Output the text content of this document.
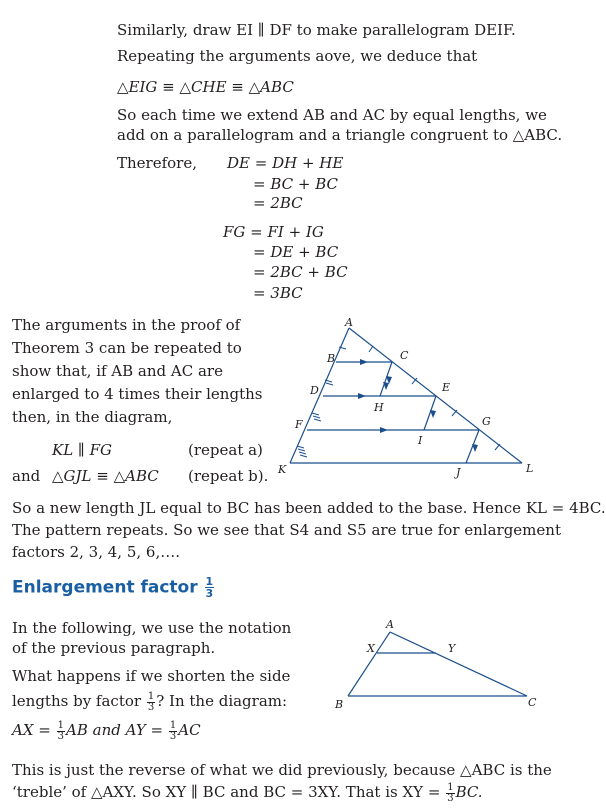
Similarly, draw EI ∥ DF to make parallelogram DEIF.
Repeating the arguments aove, we deduce that
△EIG ≡ △CHE ≡ △ABC
So each time we extend AB and AC by equal lengths, we
add on a parallelogram and a triangle congruent to △ABC.
Therefore, DE = DH + HE
= BC + BC
= 2BC
FG = FI + IG
= DE + BC
= 2BC + BC
= 3BC
The arguments in the proof of
Theorem 3 can be repeated to
show that, if AB and AC are
enlarged to 4 times their lengths
then, in the diagram,
KL ∥ FG	(repeat a)
and △GJL ≡ △ABC (repeat b).
A
B	C
D	E
F	G
H
I
J
K	L
So a new length JL equal to BC has been added to the base. Hence KL = 4BC.
The pattern repeats. So we see that S4 and S5 are true for enlargement
factors 2, 3, 4, 5, 6,….
Enlargement factor $\frac{1}{3}$
In the following, we use the notation
of the previous paragraph.
What happens if we shorten the side
lengths by factor $\frac{1}{3}$ ? In the diagram:
AX = $\frac{1}{3}$ AB and AY = $\frac{1}{3}$ AC
A
X	Y
B	C
This is just the reverse of what we did previously, because △ABC is the
‘treble’ of △AXY. So XY ∥ BC and BC = 3XY. That is XY = $\frac{1}{3}$ BC.
